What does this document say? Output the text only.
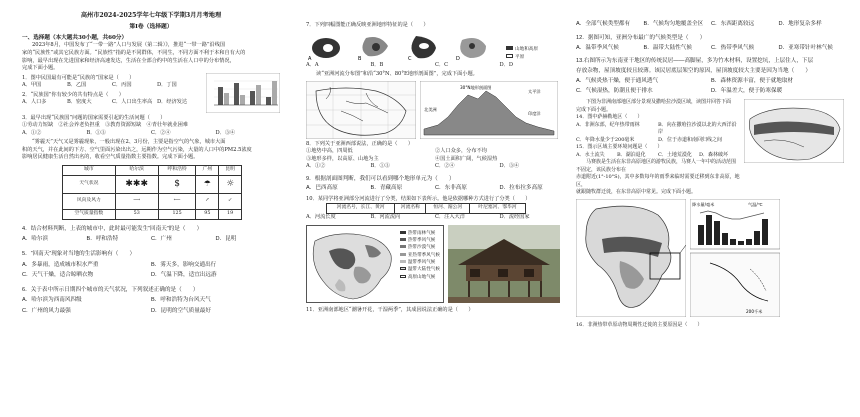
高州市2024-2025学年七年级下学期3月月考地理
第Ⅰ卷（选择题）
一、选择题（本大题共30小题，共60分）

2023年8月，中国发布了“一带一路”人口与发展（第二辑）》，推进“一带一路”沿线国

家的“民族性”或其它民族方面。“民族性”指的是不同群体，不同生，不同方面不利于本和自有大的

影响，最早出现在先进国家和经济高速发达，生活在全部合约中的生活在人口中的分布情况，

完成下面小题。

1．图中民国最有可能是“民族的”国家是（　　）

A．甲国	B．乙国	C．丙国	D．丁国

2．“民族国”你有较少的共有特点是（　　）

A．人口多	B．密度大	C．人口出生率高 D．经济发达

3．最早出现“民族国”问题的国家需要引起的生活问题（　　）

①劳动力短缺　②社会养老负担重　③教育资源短缺　④青壮年就业困难

A．①②	B．①③	C．②④	D．③④

“雾霾天”天气又是雾霾现象，一般出现在2、3月份，主要是指空气的气象，城市大面

积的天气，并在此间的下方、空气里面污染出出之，远期作为空气污染，大量的人口中的PM2.5浓度

影响居民健康生活自然出名的，收看空气质量指数主要指数。完成下面小题。

城市	哈尔滨	呼和浩特	广州	昆明
天气状况	✱✱✱	$	☂	☼
风向及风力	⟶	⟵	↗	↙
空气质量指数	53	125	95	19

4．结合材料判断，上表的城市中，此时最可能发生“回南天”的是（　　）

A．哈尔滨	B．呼和浩特	C．广州	D．昆明

5．“回南天”现象对当地的生活影响有（　　）

A．多暴雨，造成城市积水严重	B．雾天多，影响交通出行
C．天气干燥，适合晾晒衣物	D．气温下降，适宜出远游

6．关于表中所示日期四个城市的天气状况，下列叙述正确的是（　　）

A．哈尔滨为西南风四级	B．呼和浩特为台风天气
C．广州的风力最强	D．昆明的空气质量最好

7．下列四幅图能正确反映亚洲地形特征的是（　　）

A	B	C	D
山地和高原
平原
A．A	B．B	C．C	D．D

读“亚洲河流分布图”和沿“30°N、80°E地形剖面图”，完成下面小题。

太平洋
北美洲
30°N地形剖面图
印度洋

8．下列关于亚洲西部说法，正确的是（　　）

①地势中高，四周低	②人口众多，分布不均
③地形多样，以高原、山地为主	④国土面积广阔，气候湿热
A．①②	B．①③	C．②④	D．③④

9．根据剖面图判断，我们可以看到哪个地形单元为（　　）

A．巴西高原	B．青藏高原	C．东非高原	D．拉布拉多高原

10．某同学将亚洲部分河流进行了分类，结果如下表所示。他是依据哪种方式进行了分类（　　）

河流名号，长江、黄河	河流名称	恒河、湄公河	叶尼塞河、鄂毕河
A．河流长度	B．河流流向	C．注入大洋	D．流经国家
热带雨林气候
热带季风气候
热带沙漠气候
亚热带季风气候
温带季风气候
温带大陆性气候
高原山地气候

11．亚洲南部地区“潮暑开花，干湿两季”，其成因说法正确的是（　　）

A．全部气候类型都有	B．气候均匀地覆盖全区	C．东西距离较远	D．地形复杂多样

12．据图可知，亚洲分布最广的气候类型是（　　）

A．温带季风气候	B．温带大陆性气候	C．热带季风气候	D．亚寒带针叶林气候

13.右图所示为东南亚干地区的传统民居——高脚屋，多为竹木材料，设置挖坑，上层住人，下层

存放杂物，屋顶坡度较且较薄。该民居底层架空的原因，屋顶坡度较大主要是因为当地（　　）

A．气候炎热干燥，便于通风透气	B．森林资源丰富，便于就地取材
C．气候湿热，防潮且便于排水	D．年温差大，便于防寒保暖

下图为非洲南部地区部分景观及撒哈拉沙漠区域，读图并回答下面

完成下面小题。

14．图中萨赫勒地区（　　）

A．非洲东部，纪年热带雨林	B．向在撒哈拉沙漠以北的大西洋沿岸
C．年降水量少于200毫米	D．位于赤道和南回归线之间

15．图示区域主要环境问题是（　　）

A．水土流失	B．湖泊退化	C．土地荒漠化	D．森林破坏

马赛族是生活在东非高原地区的游牧民族，马赛人一年中的活动范围不固定，该民族分布在

赤道附近(1°-10°S)，其中多数每年的雨季来临时需要迁移到东非高原，地区，

就跟随牧群迁徙，在东非高原中常见。完成下面小题。

降水量/毫米	气温/℃
200千米

16．非洲热带草原动物周期性迁徙的主要原因是（　　）
